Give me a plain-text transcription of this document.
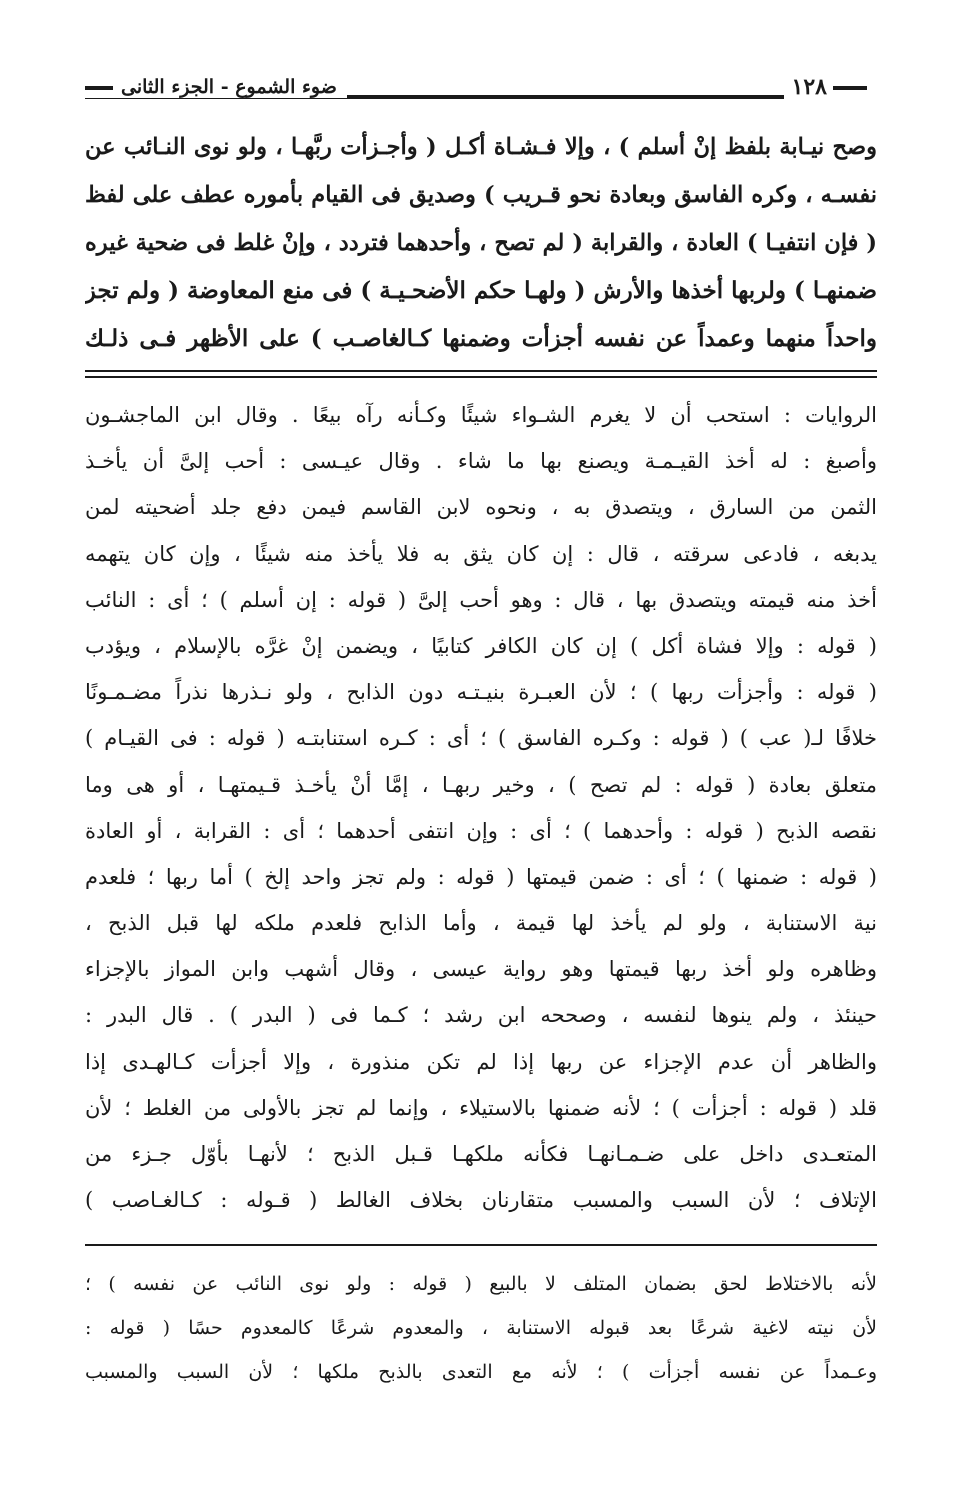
١٢٨
ضوء الشموع - الجزء الثانى
وصح نيـابة بلفظ إنْ أسلم ) ، وإلا فـشـاة أكـل ( وأجـزأت ربَّهـا ، ولو نوى النـائب عن
نفسـه ، وكره الفاسق وبعادة نحو قـريب ) وصديق فى القيام بأموره عطف على لفظ
( فإن انتفيـا ) العادة ، والقرابة ( لم تصح ، وأحدهما فتردد ، وإنْ غلط فى ضحية غيره
ضمنهـا ) ولربها أخذها والأرش ( ولهـا حكم الأضحـيـة ) فى منع المعاوضة ( ولم تجز
واحداً منهما وعمداً عن نفسه أجزأت وضمنها كـالغاصـب ) على الأظهر فـى ذلـك
الروايات : استحب أن لا يغرم الشـواء شيئًا وكـأنه رآه بيعًا . وقال ابن الماجشـون
وأصبغ : له أخذ القيـمـة ويصنع بها ما شاء . وقال عيـسى : أحب إلىَّ أن يأخـذ
الثمن من السارق ، ويتصدق به ، ونحوه لابن القاسم فيمن دفع جلد أضحيته لمن
يدبغه ، فادعى سرقته ، قال : إن كان يثق به فلا يأخذ منه شيئًا ، وإن كان يتهمه
أخذ منه قيمته ويتصدق بها ، قال : وهو أحب إلىَّ ( قوله : إن أسلم ) ؛ أى : النائب
( قوله : وإلا فشاة أكل ) إن كان الكافر كتابيًا ، ويضمن إنْ غرَّه بالإسلام ، ويؤدب
( قوله : وأجزأت ربها ) ؛ لأن العبـرة بنيـتـه دون الذابح ، ولو نـذرها نذراً مضـمـونًا
خلافًا لـ( عب ) ( قوله : وكـره الفاسق ) ؛ أى : كـره استنابتـه ( قوله : فى القيـام )
متعلق بعادة ( قوله : لم تصح ) ، وخير ربهـا ، إمَّا أنْ يأخـذ قـيمتهـا ، أو هى وما
نقصه الذبح ( قوله : وأحدهما ) ؛ أى : وإن انتفى أحدهما ؛ أى : القرابة ، أو العادة
( قوله : ضمنها ) ؛ أى : ضمن قيمتها ( قوله : ولم تجز واحد إلخ ) أما ربها ؛ فلعدم
نية الاستنابة ، ولو لم يأخذ لها قيمة ، وأما الذابح فلعدم ملكه لها قبل الذبح ،
وظاهره ولو أخذ ربها قيمتها وهو رواية عيسى ، وقال أشهب وابن المواز بالإجزاء
حينئذ ، ولم ينوها لنفسه ، وصححه ابن رشد ؛ كـما فى ( البدر ) . قال البدر :
والظاهر أن عدم الإجزاء عن ربها إذا لم تكن منذورة ، وإلا أجزأت كـالهـدى إذا
قلد ( قوله : أجزأت ) ؛ لأنه ضمنها بالاستيلاء ، وإنما لم تجز بالأولى من الغلط ؛ لأن
المتعـدى داخل على ضـمـانهـا فكأنه ملكهـا قـبل الذبح ؛ لأنهـا بأوّل جـزء من
الإتلاف ؛ لأن السبب والمسبب متقارنان بخلاف الغالط ( قـوله : كـالغـاصب )
لأنه بالاختلاط لحق بضمان المتلف لا بالبيع ( قوله : ولو نوى النائب عن نفسه ) ؛
لأن نيته لاغية شرعًا بعد قبوله الاستنابة ، والمعدوم شرعًا كالمعدوم حسًا ( قوله :
وعـمداً عن نفسه أجزأت ) ؛ لأنه مع التعدى بالذبح ملكها ؛ لأن السبب والمسبب
